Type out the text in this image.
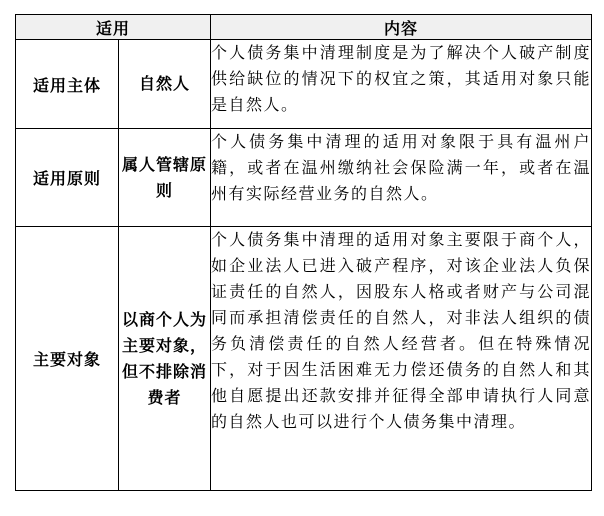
适用		内容
适用主体	自然人	个人债务集中清理制度是为了解决个人破产制度供给缺位的情况下的权宜之策，其适用对象只能是自然人。
适用原则	属人管辖原则	个人债务集中清理的适用对象限于具有温州户籍，或者在温州缴纳社会保险满一年，或者在温州有实际经营业务的自然人。
主要对象	以商个人为主要对象，但不排除消费者	个人债务集中清理的适用对象主要限于商个人，如企业法人已进入破产程序，对该企业法人负保证责任的自然人，因股东人格或者财产与公司混同而承担清偿责任的自然人，对非法人组织的债务负清偿责任的自然人经营者。但在特殊情况下，对于因生活困难无力偿还债务的自然人和其他自愿提出还款安排并征得全部申请执行人同意的自然人也可以进行个人债务集中清理。
